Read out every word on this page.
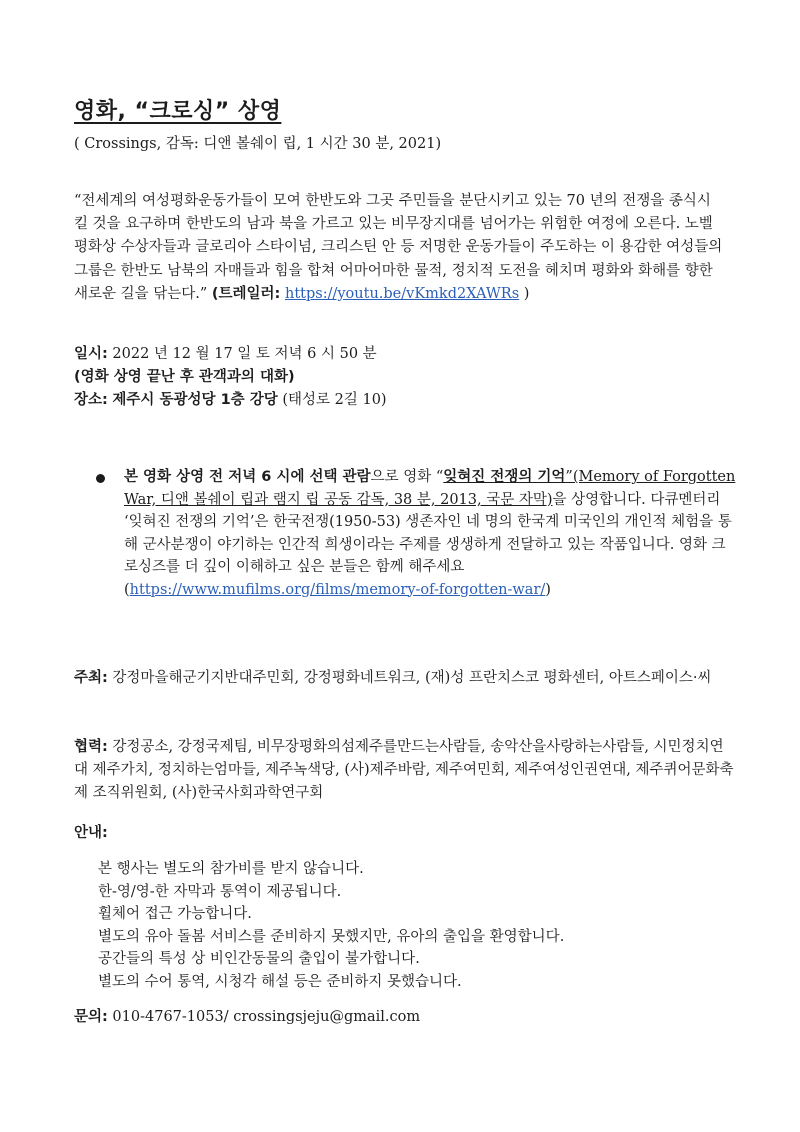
영화, “크로싱” 상영

( Crossings, 감독: 디앤 볼쉐이 립, 1 시간 30 분, 2021)

“전세계의 여성평화운동가들이 모여 한반도와 그곳 주민들을 분단시키고 있는 70 년의 전쟁을 종식시킬 것을 요구하며 한반도의 남과 북을 가르고 있는 비무장지대를 넘어가는 위험한 여정에 오른다. 노벨평화상 수상자들과 글로리아 스타이넘, 크리스틴 안 등 저명한 운동가들이 주도하는 이 용감한 여성들의 그룹은 한반도 남북의 자매들과 힘을 합쳐 어마어마한 물적, 정치적 도전을 헤치며 평화와 화해를 향한 새로운 길을 닦는다.” (트레일러: https://youtu.be/vKmkd2XAWRs )

일시: 2022 년 12 월 17 일 토 저녁 6 시 50 분
(영화 상영 끝난 후 관객과의 대화)
장소: 제주시 동광성당 1층 강당 (태성로 2길 10)
본 영화 상영 전 저녁 6 시에 선택 관람으로 영화 “잊혀진 전쟁의 기억”(Memory of Forgotten War, 디앤 볼쉐이 립과 램지 립 공동 감독, 38 분, 2013, 국문 자막)을 상영합니다. 다큐멘터리 ‘잊혀진 전쟁의 기억’은 한국전쟁(1950-53) 생존자인 네 명의 한국계 미국인의 개인적 체험을 통해 군사분쟁이 야기하는 인간적 희생이라는 주제를 생생하게 전달하고 있는 작품입니다. 영화 크로싱즈를 더 깊이 이해하고 싶은 분들은 함께 해주세요 (https://www.mufilms.org/films/memory-of-forgotten-war/)

주최: 강정마을해군기지반대주민회, 강정평화네트워크, (재)성 프란치스코 평화센터, 아트스페이스·씨

협력: 강정공소, 강정국제팀, 비무장평화의섬제주를만드는사람들, 송악산을사랑하는사람들, 시민정치연대 제주가치, 정치하는엄마들, 제주녹색당, (사)제주바람, 제주여민회, 제주여성인권연대, 제주퀴어문화축제 조직위원회, (사)한국사회과학연구회

안내:

본 행사는 별도의 참가비를 받지 않습니다.
한-영/영-한 자막과 통역이 제공됩니다.
휠체어 접근 가능합니다.
별도의 유아 돌봄 서비스를 준비하지 못했지만, 유아의 출입을 환영합니다.
공간들의 특성 상 비인간동물의 출입이 불가합니다.
별도의 수어 통역, 시청각 해설 등은 준비하지 못했습니다.

문의: 010-4767-1053/ crossingsjeju@gmail.com
